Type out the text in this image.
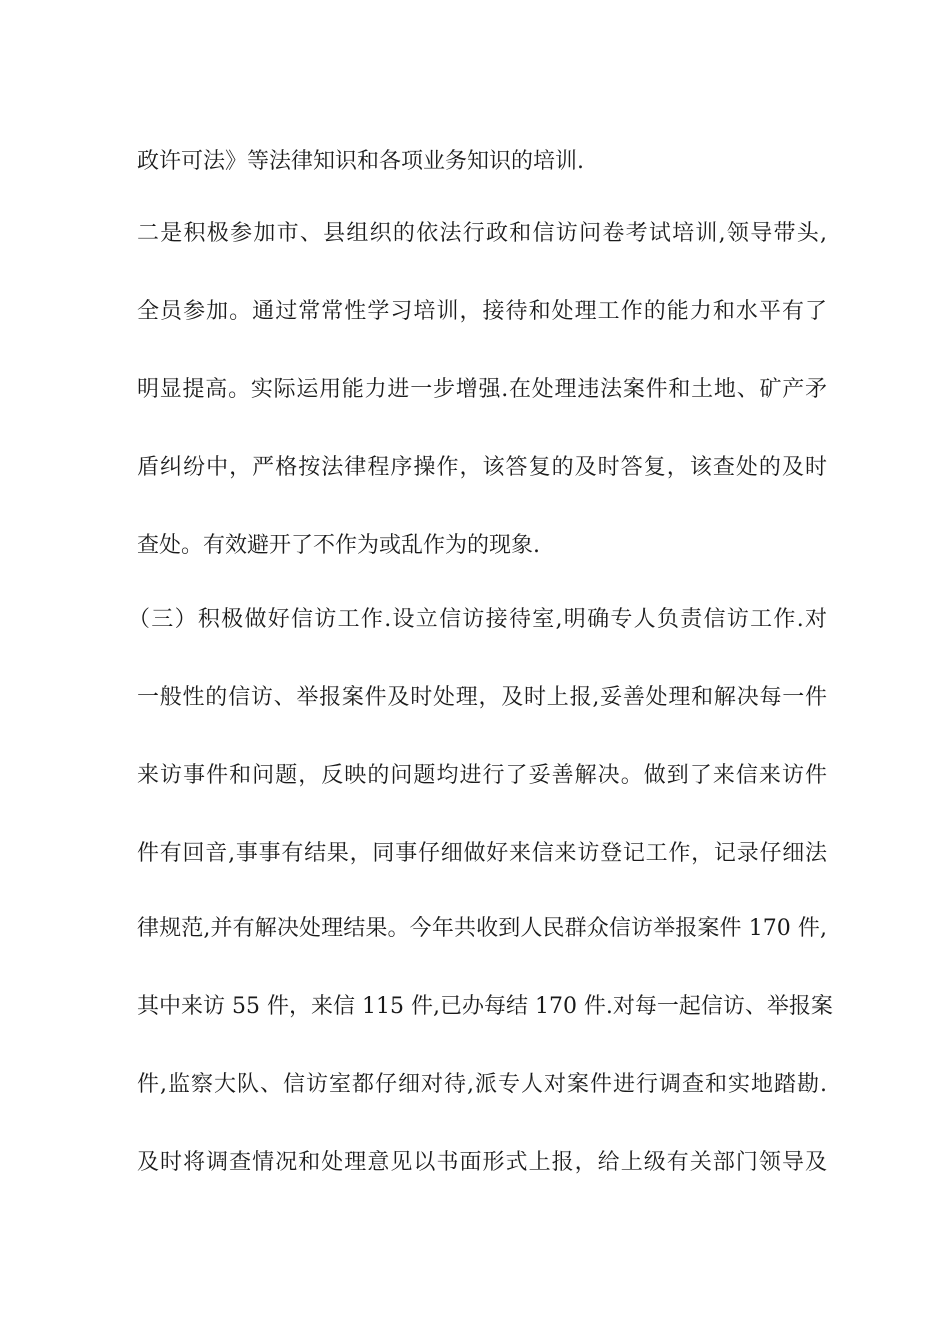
政许可法》等法律知识和各项业务知识的培训.
二是积极参加市、县组织的依法行政和信访问卷考试培训,领导带头,
全员参加。通过常常性学习培训，接待和处理工作的能力和水平有了
明显提高。实际运用能力进一步增强.在处理违法案件和土地、矿产矛
盾纠纷中，严格按法律程序操作，该答复的及时答复，该查处的及时
查处。有效避开了不作为或乱作为的现象.
（三）积极做好信访工作.设立信访接待室,明确专人负责信访工作.对
一般性的信访、举报案件及时处理，及时上报,妥善处理和解决每一件
来访事件和问题，反映的问题均进行了妥善解决。做到了来信来访件
件有回音,事事有结果，同事仔细做好来信来访登记工作，记录仔细法
律规范,并有解决处理结果。今年共收到人民群众信访举报案件 170 件,
其中来访 55 件，来信 115 件,已办每结 170 件.对每一起信访、举报案
件,监察大队、信访室都仔细对待,派专人对案件进行调查和实地踏勘.
及时将调查情况和处理意见以书面形式上报，给上级有关部门领导及
